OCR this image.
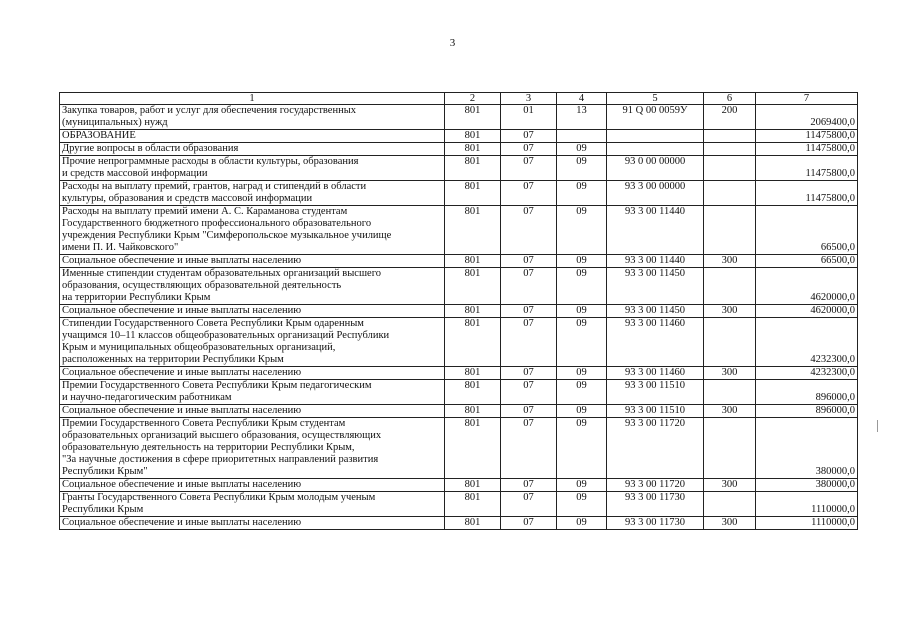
3
1	2	3	4	5	6	7
Закупка товаров, работ и услуг для обеспечения государственных
(муниципальных) нужд	801	01	13	91 Q 00 0059У	200	2069400,0
ОБРАЗОВАНИЕ	801	07				11475800,0
Другие вопросы в области образования	801	07	09			11475800,0
Прочие непрограммные расходы в области культуры, образования
и средств массовой информации	801	07	09	93 0 00 00000		11475800,0
Расходы на выплату премий, грантов, наград и стипендий в области
культуры, образования и средств массовой информации	801	07	09	93 3 00 00000		11475800,0
Расходы на выплату премий имени А. С. Караманова студентам
Государственного бюджетного профессионального образовательного
учреждения Республики Крым "Симферопольское музыкальное училище
имени П. И. Чайковского"	801	07	09	93 3 00 11440		66500,0
Социальное обеспечение и иные выплаты населению	801	07	09	93 3 00 11440	300	66500,0
Именные стипендии студентам образовательных организаций высшего
образования, осуществляющих образовательной деятельность
на территории Республики Крым	801	07	09	93 3 00 11450		4620000,0
Социальное обеспечение и иные выплаты населению	801	07	09	93 3 00 11450	300	4620000,0
Стипендии Государственного Совета Республики Крым одаренным
учащимся 10–11 классов общеобразовательных организаций Республики
Крым и муниципальных общеобразовательных организаций,
расположенных на территории Республики Крым	801	07	09	93 3 00 11460		4232300,0
Социальное обеспечение и иные выплаты населению	801	07	09	93 3 00 11460	300	4232300,0
Премии Государственного Совета Республики Крым педагогическим
и научно-педагогическим работникам	801	07	09	93 3 00 11510		896000,0
Социальное обеспечение и иные выплаты населению	801	07	09	93 3 00 11510	300	896000,0
Премии Государственного Совета Республики Крым студентам
образовательных организаций высшего образования, осуществляющих
образовательную деятельность на территории Республики Крым,
"За научные достижения в сфере приоритетных направлений развития
Республики Крым"	801	07	09	93 3 00 11720		380000,0
Социальное обеспечение и иные выплаты населению	801	07	09	93 3 00 11720	300	380000,0
Гранты Государственного Совета Республики Крым молодым ученым
Республики Крым	801	07	09	93 3 00 11730		1110000,0
Социальное обеспечение и иные выплаты населению	801	07	09	93 3 00 11730	300	1110000,0
